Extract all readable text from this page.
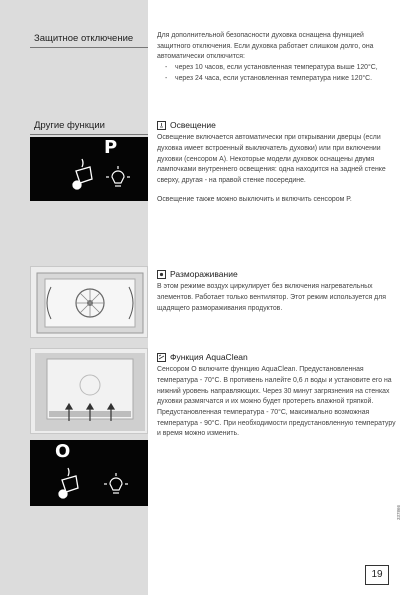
Защитное отключение	Для дополнительной безопасности духовка оснащена функцией защитного отключения. Если духовка работает слишком долго, она автоматически отключится:

- через 10 часов, если установленная температура выше 120°C,
- через 24 часа, если установленная температура ниже 120°C.
Другие функции
P
Освещение

Освещение включается автоматически при открывании дверцы (если духовка имеет встроенный выключатель духовки) или при включении духовки (сенсором A). Некоторые модели духовок оснащены двумя лампочками внутреннего освещения: одна находится на задней стенке сверху, другая - на правой стенке посередине.

Освещение также можно выключить и включить сенсором P.

Размораживание

В этом режиме воздух циркулирует без включения нагревательных элементов. Работает только вентилятор. Этот режим используется для щадящего размораживания продуктов.

O
Функция AquaClean

Сенсором O включите функцию AquaClean. Предустановленная температура - 70°C. В противень налейте 0,6 л воды и установите его на нижний уровень направляющих. Через 30 минут загрязнения на стенках духовки размягчатся и их можно будет протереть влажной тряпкой.

Предустановленная температура - 70°C, максимально возможная температура - 90°C. При необходимости предустановленную температуру и время можно изменить.

337866
19
